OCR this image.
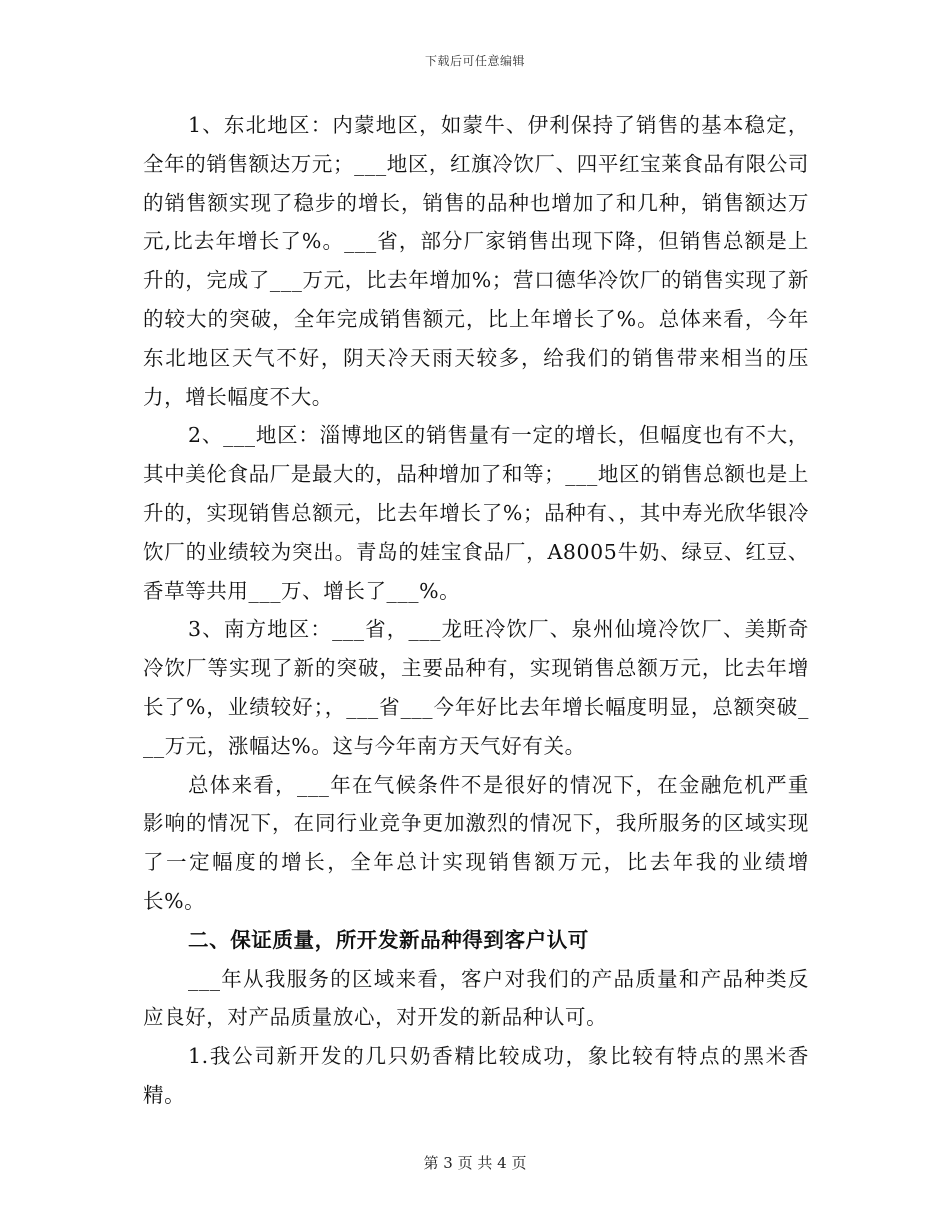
下载后可任意编辑

1、东北地区：内蒙地区，如蒙牛、伊利保持了销售的基本稳定，全年的销售额达万元；___地区，红旗冷饮厂、四平红宝莱食品有限公司的销售额实现了稳步的增长，销售的品种也增加了和几种，销售额达万元,比去年增长了%。___省，部分厂家销售出现下降，但销售总额是上升的，完成了___万元，比去年增加%；营口德华冷饮厂的销售实现了新的较大的突破，全年完成销售额元，比上年增长了%。总体来看，今年东北地区天气不好，阴天冷天雨天较多，给我们的销售带来相当的压力，增长幅度不大。

2、___地区：淄博地区的销售量有一定的增长，但幅度也有不大，其中美伦食品厂是最大的，品种增加了和等；___地区的销售总额也是上升的，实现销售总额元，比去年增长了%；品种有、，其中寿光欣华银冷饮厂的业绩较为突出。青岛的娃宝食品厂，A8005牛奶、绿豆、红豆、香草等共用___万、增长了___%。

3、南方地区：___省，___龙旺冷饮厂、泉州仙境冷饮厂、美斯奇冷饮厂等实现了新的突破，主要品种有，实现销售总额万元，比去年增长了%，业绩较好；，___省___今年好比去年增长幅度明显，总额突破___万元，涨幅达%。这与今年南方天气好有关。

总体来看，___年在气候条件不是很好的情况下，在金融危机严重影响的情况下，在同行业竞争更加激烈的情况下，我所服务的区域实现了一定幅度的增长，全年总计实现销售额万元，比去年我的业绩增长%。

二、保证质量，所开发新品种得到客户认可

___年从我服务的区域来看，客户对我们的产品质量和产品种类反应良好，对产品质量放心，对开发的新品种认可。

1.我公司新开发的几只奶香精比较成功，象比较有特点的黑米香精。

第 3 页 共 4 页
